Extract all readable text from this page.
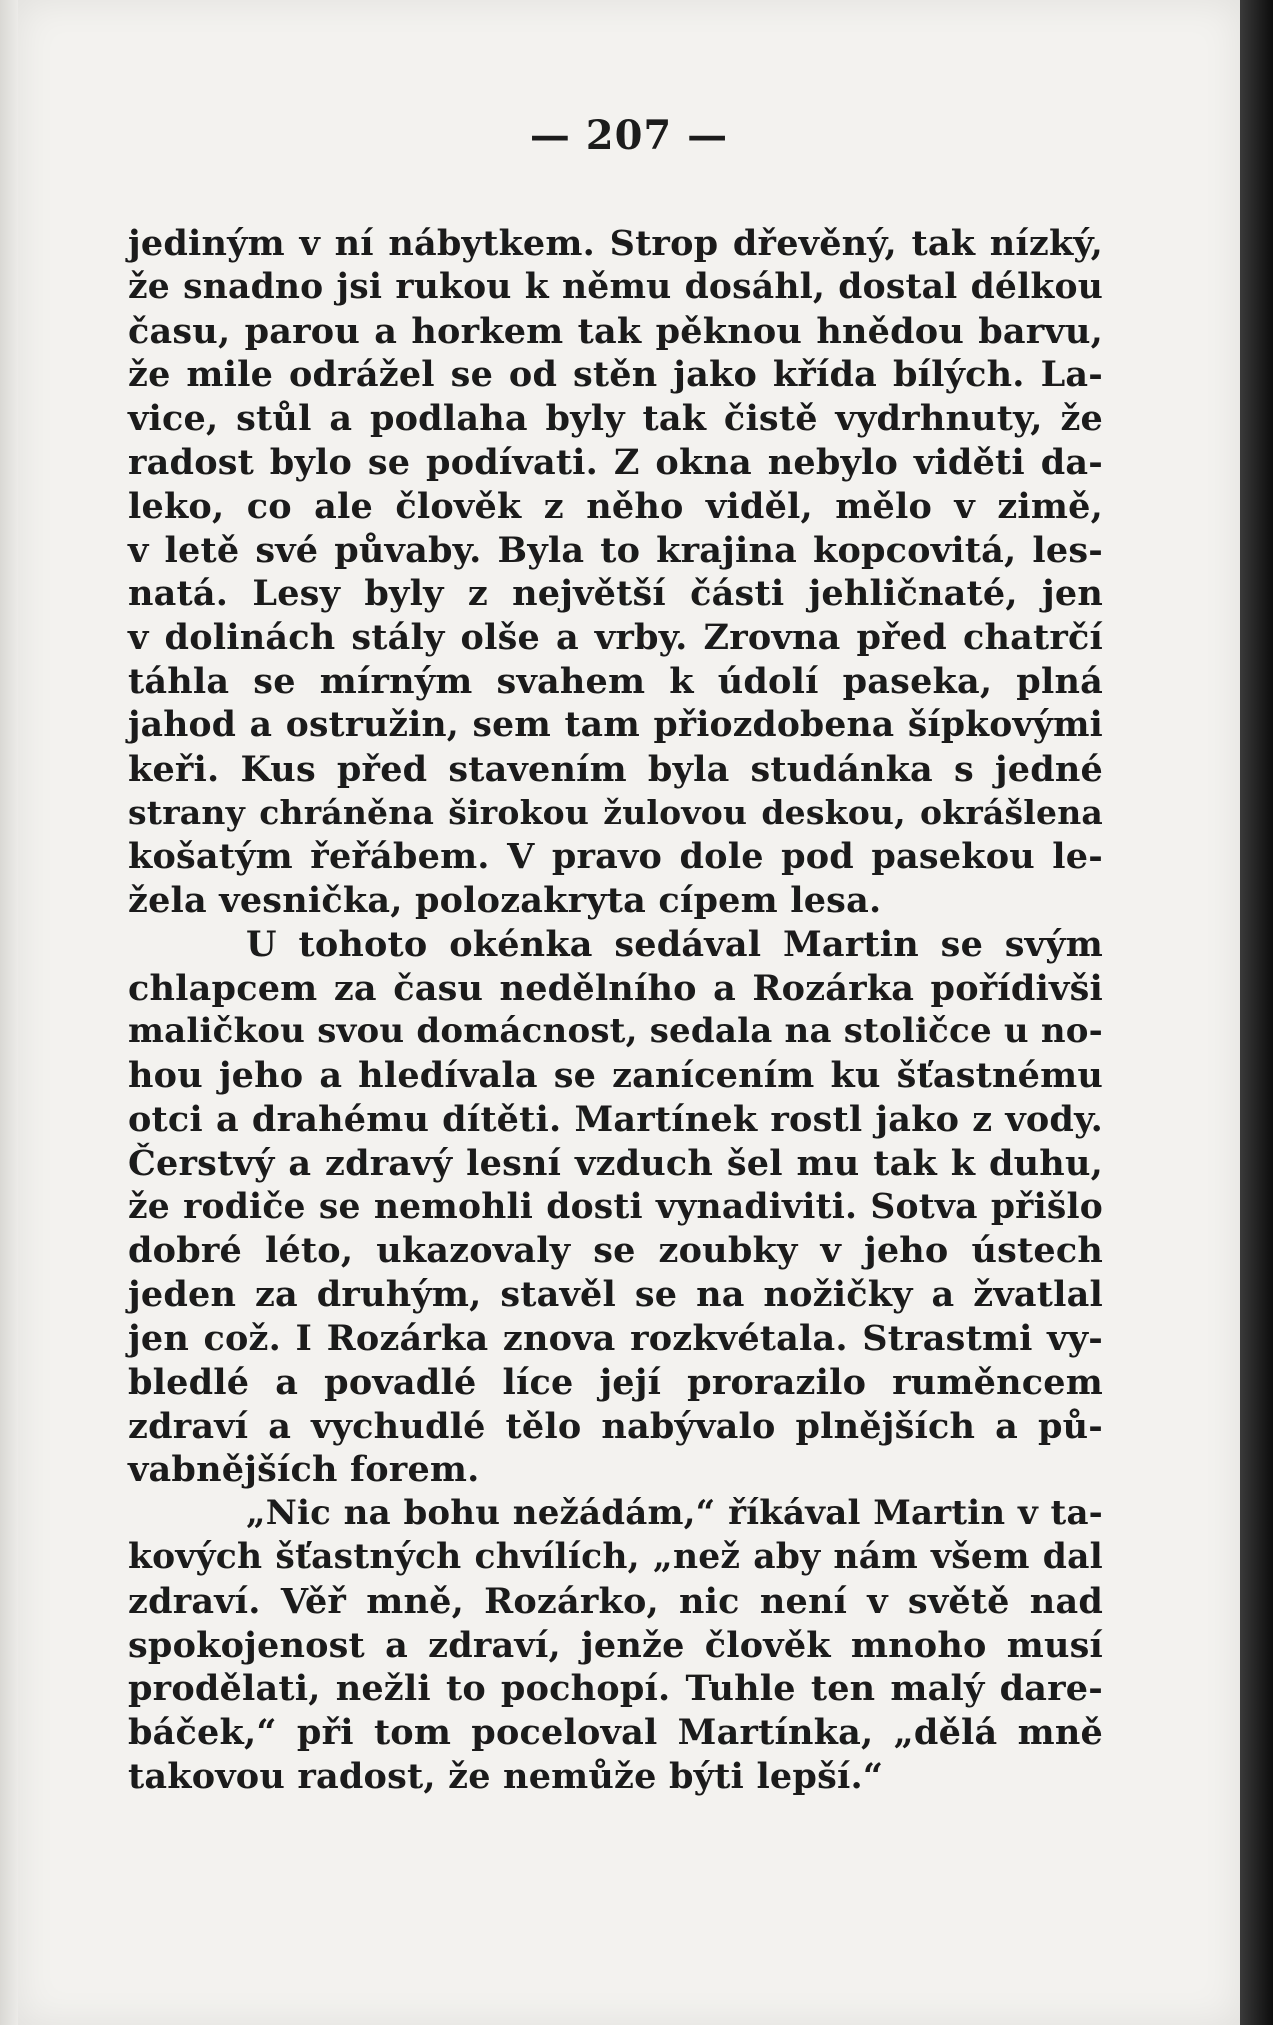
— 207 —
jediným v ní nábytkem. Strop dřevěný, tak nízký,
že snadno jsi rukou k němu dosáhl, dostal délkou
času, parou a horkem tak pěknou hnědou barvu,
že mile odrážel se od stěn jako křída bílých. La-
vice, stůl a podlaha byly tak čistě vydrhnuty, že
radost bylo se podívati. Z okna nebylo viděti da-
leko, co ale člověk z něho viděl, mělo v zimě,
v letě své půvaby. Byla to krajina kopcovitá, les-
natá. Lesy byly z největší části jehličnaté, jen
v dolinách stály olše a vrby. Zrovna před chatrčí
táhla se mírným svahem k údolí paseka, plná
jahod a ostružin, sem tam přiozdobena šípkovými
keři. Kus před stavením byla studánka s jedné
strany chráněna širokou žulovou deskou, okrášlena
košatým řeřábem. V pravo dole pod pasekou le-
žela vesnička, polozakryta cípem lesa.
U tohoto okénka sedával Martin se svým
chlapcem za času nedělního a Rozárka pořídivši
maličkou svou domácnost, sedala na stoličce u no-
hou jeho a hledívala se zanícením ku šťastnému
otci a drahému dítěti. Martínek rostl jako z vody.
Čerstvý a zdravý lesní vzduch šel mu tak k duhu,
že rodiče se nemohli dosti vynadiviti. Sotva přišlo
dobré léto, ukazovaly se zoubky v jeho ústech
jeden za druhým, stavěl se na nožičky a žvatlal
jen což. I Rozárka znova rozkvétala. Strastmi vy-
bledlé a povadlé líce její prorazilo ruměncem
zdraví a vychudlé tělo nabývalo plnějších a pů-
vabnějších forem.
„Nic na bohu nežádám,“ říkával Martin v ta-
kových šťastných chvílích, „než aby nám všem dal
zdraví. Věř mně, Rozárko, nic není v světě nad
spokojenost a zdraví, jenže člověk mnoho musí
prodělati, nežli to pochopí. Tuhle ten malý dare-
báček,“ při tom poceloval Martínka, „dělá mně
takovou radost, že nemůže býti lepší.“
